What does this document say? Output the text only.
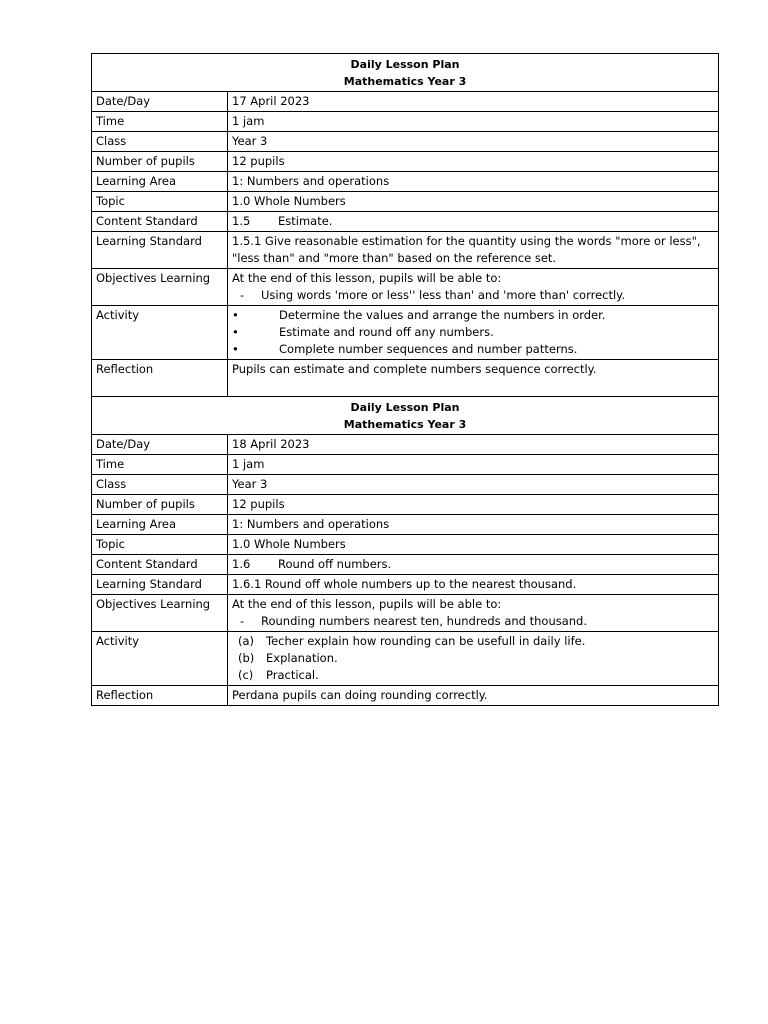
Daily Lesson Plan
Mathematics Year 3	

Date/Day	17 April 2023
Time	1 jam
Class	Year 3
Number of pupils	12 pupils
Learning Area	1: Numbers and operations
Topic	1.0 Whole Numbers
Content Standard	1.5 Estimate.
Learning Standard	1.5.1 Give reasonable estimation for the quantity using the words "more or less",
"less than" and "more than" based on the reference set.

Objectives Learning	At the end of this lesson, pupils will be able to:
- Using words 'more or less'' less than' and 'more than' correctly.

Activity	• Determine the values and arrange the numbers in order.
• Estimate and round off any numbers.
• Complete number sequences and number patterns.

Reflection	Pupils can estimate and complete numbers sequence correctly.

Daily Lesson Plan
Mathematics Year 3	

Date/Day	18 April 2023
Time	1 jam
Class	Year 3
Number of pupils	12 pupils
Learning Area	1: Numbers and operations
Topic	1.0 Whole Numbers
Content Standard	1.6 Round off numbers.
Learning Standard	1.6.1 Round off whole numbers up to the nearest thousand.
Objectives Learning	At the end of this lesson, pupils will be able to:
- Rounding numbers nearest ten, hundreds and thousand.

Activity	(a) Techer explain how rounding can be usefull in daily life.
(b) Explanation.
(c) Practical.

Reflection	Perdana pupils can doing rounding correctly.
